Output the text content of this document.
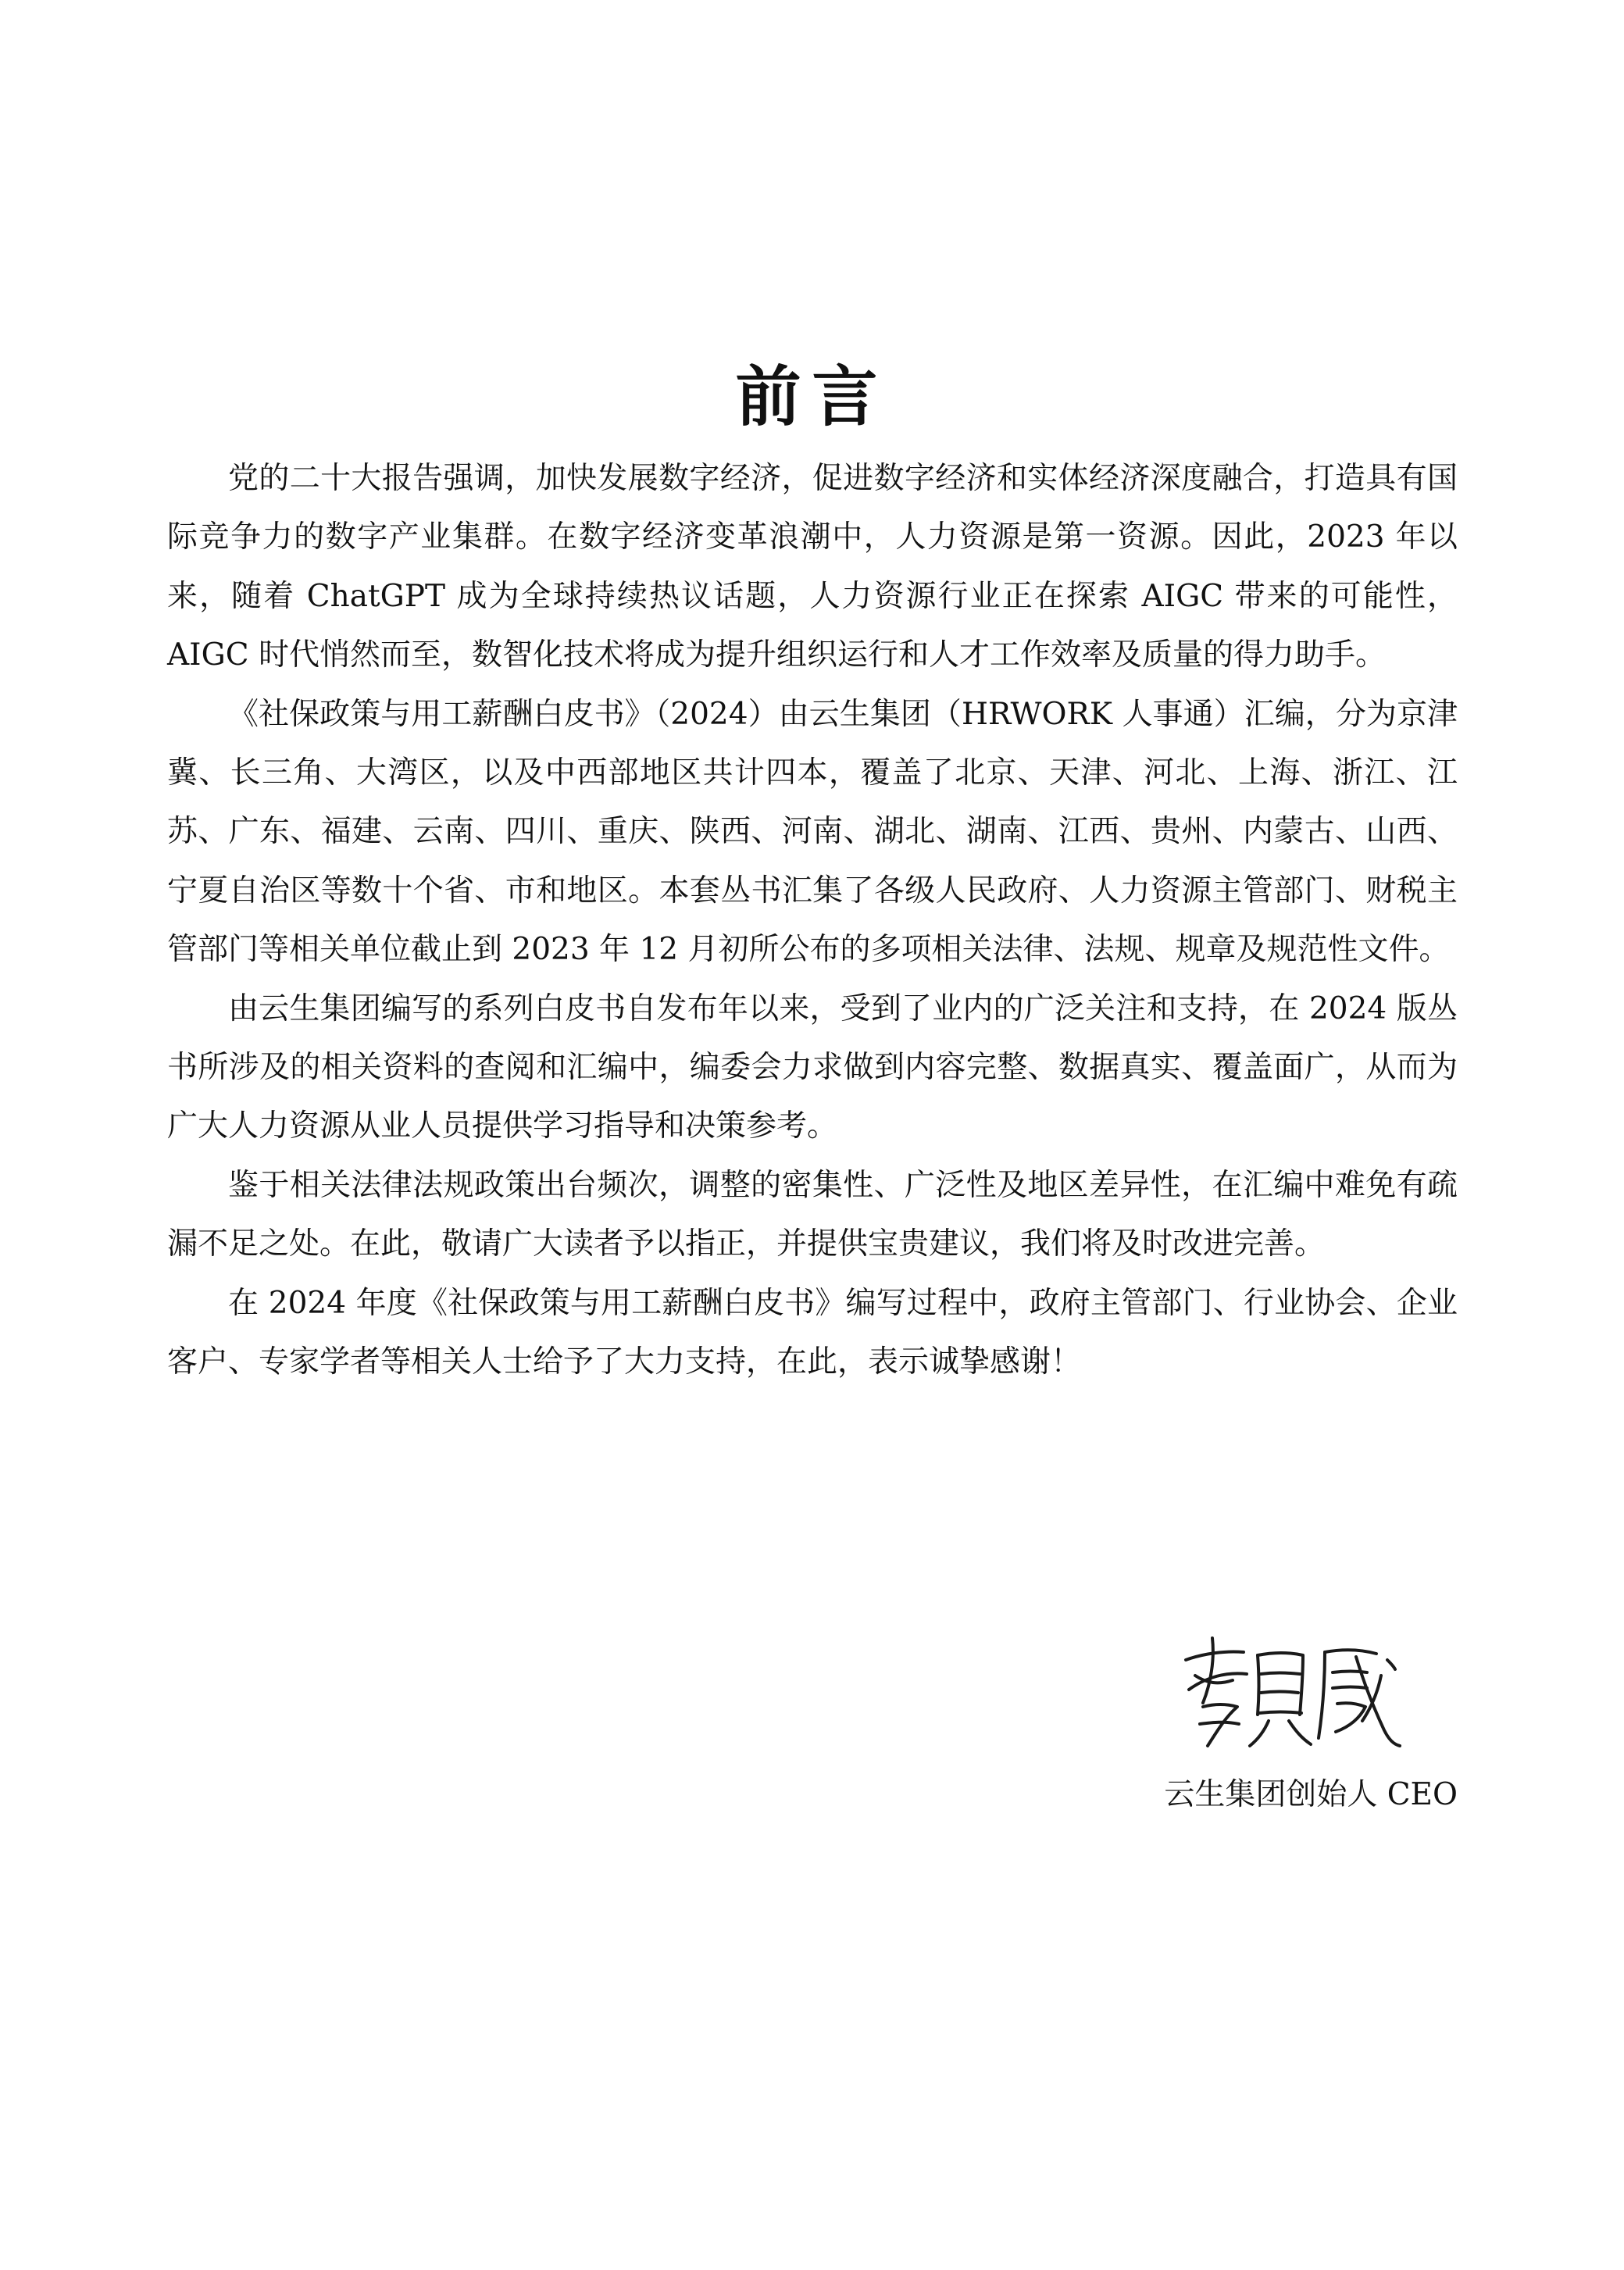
前言

党的二十大报告强调，加快发展数字经济，促进数字经济和实体经济深度融合，打造具有国际竞争力的数字产业集群。在数字经济变革浪潮中，人力资源是第一资源。因此，2023 年以来，随着 ChatGPT 成为全球持续热议话题，人力资源行业正在探索 AIGC 带来的可能性，AIGC 时代悄然而至，数智化技术将成为提升组织运行和人才工作效率及质量的得力助手。

《社保政策与用工薪酬白皮书》（2024）由云生集团（HRWORK 人事通）汇编，分为京津冀、长三角、大湾区，以及中西部地区共计四本，覆盖了北京、天津、河北、上海、浙江、江苏、广东、福建、云南、四川、重庆、陕西、河南、湖北、湖南、江西、贵州、内蒙古、山西、宁夏自治区等数十个省、市和地区。本套丛书汇集了各级人民政府、人力资源主管部门、财税主管部门等相关单位截止到 2023 年 12 月初所公布的多项相关法律、法规、规章及规范性文件。

由云生集团编写的系列白皮书自发布年以来，受到了业内的广泛关注和支持，在 2024 版丛书所涉及的相关资料的查阅和汇编中，编委会力求做到内容完整、数据真实、覆盖面广，从而为广大人力资源从业人员提供学习指导和决策参考。

鉴于相关法律法规政策出台频次，调整的密集性、广泛性及地区差异性，在汇编中难免有疏漏不足之处。在此，敬请广大读者予以指正，并提供宝贵建议，我们将及时改进完善。

在 2024 年度《社保政策与用工薪酬白皮书》编写过程中，政府主管部门、行业协会、企业客户、专家学者等相关人士给予了大力支持，在此，表示诚挚感谢！

云生集团创始人 CEO
